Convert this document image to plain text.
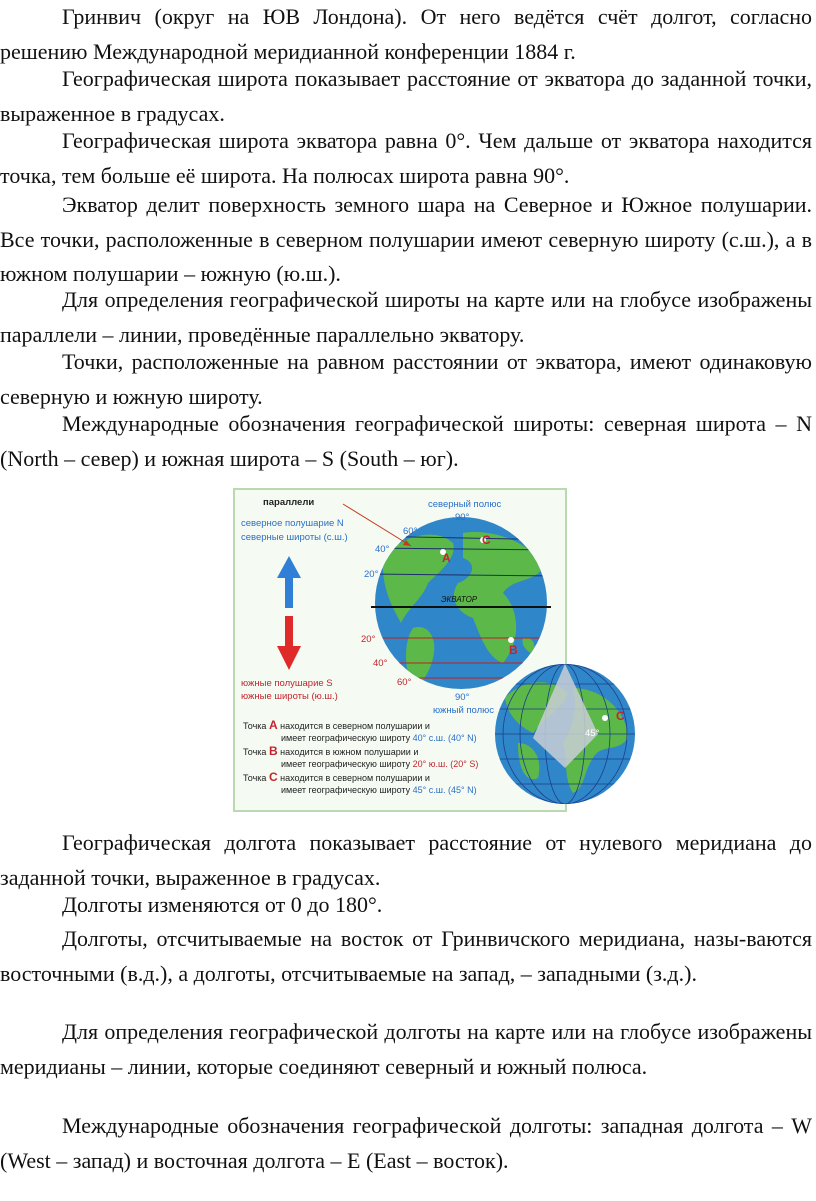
Гринвич (округ на ЮВ Лондона). От него ведётся счёт долгот, согласно решению Международной меридианной конференции 1884 г.

Географическая широта показывает расстояние от экватора до заданной точки, выраженное в градусах.

Географическая широта экватора равна 0°. Чем дальше от экватора находится точка, тем больше её широта. На полюсах широта равна 90°.

Экватор делит поверхность земного шара на Северное и Южное полушарии. Все точки, расположенные в северном полушарии имеют северную широту (с.ш.), а в южном полушарии – южную (ю.ш.).

Для определения географической широты на карте или на глобусе изображены параллели – линии, проведённые параллельно экватору.

Точки, расположенные на равном расстоянии от экватора, имеют одинаковую северную и южную широту.

Международные обозначения географической широты: северная широта – N (North – север) и южная широта – S (South – юг).

параллели	северный полюс
90°
северное полушарие N
северные широты (с.ш.)
60°
40°
20°
A
C
ЭКВАТОР
20°
40°
60°
B
южные полушарие S
южные широты (ю.ш.)	90°
южный полюс	C
45°
Точка A находится в северном полушарии и
имеет географическую широту 40° с.ш. (40° N)
Точка B находится в южном полушарии и
имеет географическую широту 20° ю.ш. (20° S)
Точка C находится в северном полушарии и
имеет географическую широту 45° с.ш. (45° N)

Географическая долгота показывает расстояние от нулевого меридиана до заданной точки, выраженное в градусах.

Долготы изменяются от 0 до 180°.

Долготы, отсчитываемые на восток от Гринвичского меридиана, назы-ваются восточными (в.д.), а долготы, отсчитываемые на запад, – западными (з.д.).

Для определения географической долготы на карте или на глобусе изображены меридианы – линии, которые соединяют северный и южный полюса.

Международные обозначения географической долготы: западная долгота – W (West – запад) и восточная долгота – E (East – восток).
